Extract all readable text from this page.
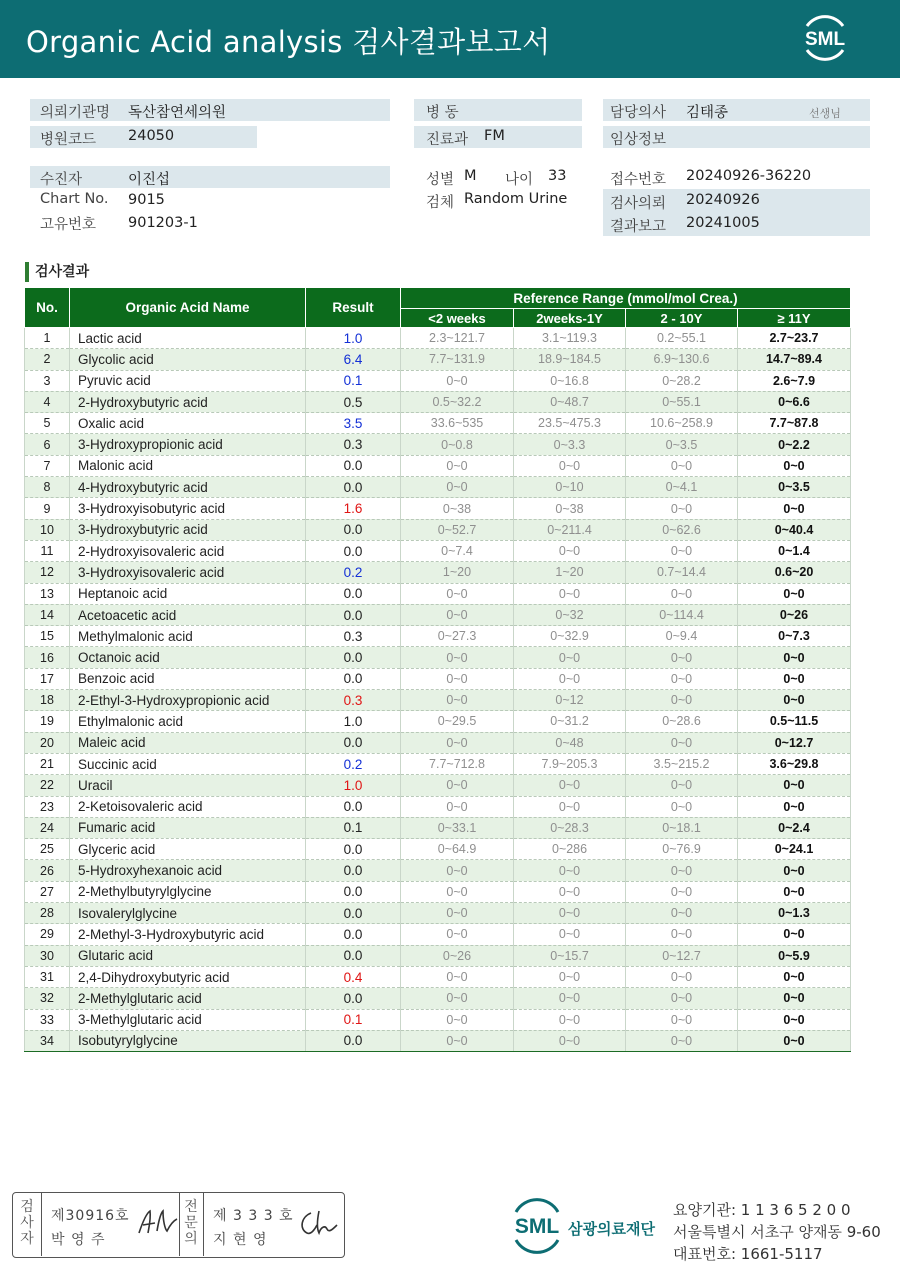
Organic Acid analysis 검사결과보고서	SML
의뢰기관명 독산참연세의원
병원코드 24050
병 동
진료과 FM
담당의사 김태종	선생님
임상정보
수진자	이진섭
Chart No. 9015
고유번호 901203-1
성별 M 나이 33
검체 Random Urine
접수번호 20240926-36220
검사의뢰 20240926
결과보고 20241005
검사결과
No.	Organic Acid Name	Result	Reference Range (mmol/mol Crea.)			
			<2 weeks	2weeks-1Y	2 - 10Y	≥ 11Y
1	Lactic acid	1.0	2.3~121.7	3.1~119.3	0.2~55.1	2.7~23.7
2	Glycolic acid	6.4	7.7~131.9	18.9~184.5	6.9~130.6	14.7~89.4
3	Pyruvic acid	0.1	0~0	0~16.8	0~28.2	2.6~7.9
4	2-Hydroxybutyric acid	0.5	0.5~32.2	0~48.7	0~55.1	0~6.6
5	Oxalic acid	3.5	33.6~535	23.5~475.3	10.6~258.9	7.7~87.8
6	3-Hydroxypropionic acid	0.3	0~0.8	0~3.3	0~3.5	0~2.2
7	Malonic acid	0.0	0~0	0~0	0~0	0~0
8	4-Hydroxybutyric acid	0.0	0~0	0~10	0~4.1	0~3.5
9	3-Hydroxyisobutyric acid	1.6	0~38	0~38	0~0	0~0
10	3-Hydroxybutyric acid	0.0	0~52.7	0~211.4	0~62.6	0~40.4
11	2-Hydroxyisovaleric acid	0.0	0~7.4	0~0	0~0	0~1.4
12	3-Hydroxyisovaleric acid	0.2	1~20	1~20	0.7~14.4	0.6~20
13	Heptanoic acid	0.0	0~0	0~0	0~0	0~0
14	Acetoacetic acid	0.0	0~0	0~32	0~114.4	0~26
15	Methylmalonic acid	0.3	0~27.3	0~32.9	0~9.4	0~7.3
16	Octanoic acid	0.0	0~0	0~0	0~0	0~0
17	Benzoic acid	0.0	0~0	0~0	0~0	0~0
18	2-Ethyl-3-Hydroxypropionic acid	0.3	0~0	0~12	0~0	0~0
19	Ethylmalonic acid	1.0	0~29.5	0~31.2	0~28.6	0.5~11.5
20	Maleic acid	0.0	0~0	0~48	0~0	0~12.7
21	Succinic acid	0.2	7.7~712.8	7.9~205.3	3.5~215.2	3.6~29.8
22	Uracil	1.0	0~0	0~0	0~0	0~0
23	2-Ketoisovaleric acid	0.0	0~0	0~0	0~0	0~0
24	Fumaric acid	0.1	0~33.1	0~28.3	0~18.1	0~2.4
25	Glyceric acid	0.0	0~64.9	0~286	0~76.9	0~24.1
26	5-Hydroxyhexanoic acid	0.0	0~0	0~0	0~0	0~0
27	2-Methylbutyrylglycine	0.0	0~0	0~0	0~0	0~0
28	Isovalerylglycine	0.0	0~0	0~0	0~0	0~1.3
29	2-Methyl-3-Hydroxybutyric acid	0.0	0~0	0~0	0~0	0~0
30	Glutaric acid	0.0	0~26	0~15.7	0~12.7	0~5.9
31	2,4-Dihydroxybutyric acid	0.4	0~0	0~0	0~0	0~0
32	2-Methylglutaric acid	0.0	0~0	0~0	0~0	0~0
33	3-Methylglutaric acid	0.1	0~0	0~0	0~0	0~0
34	Isobutyrylglycine	0.0	0~0	0~0	0~0	0~0
검
사
자
제30916호
박 영 주
전
문
의
제 3 3 3 호
지 현 영
SML 삼광의료재단
요양기관: 1 1 3 6 5 2 0 0
서울특별시 서초구 양재동 9-60
대표번호: 1661-5117
